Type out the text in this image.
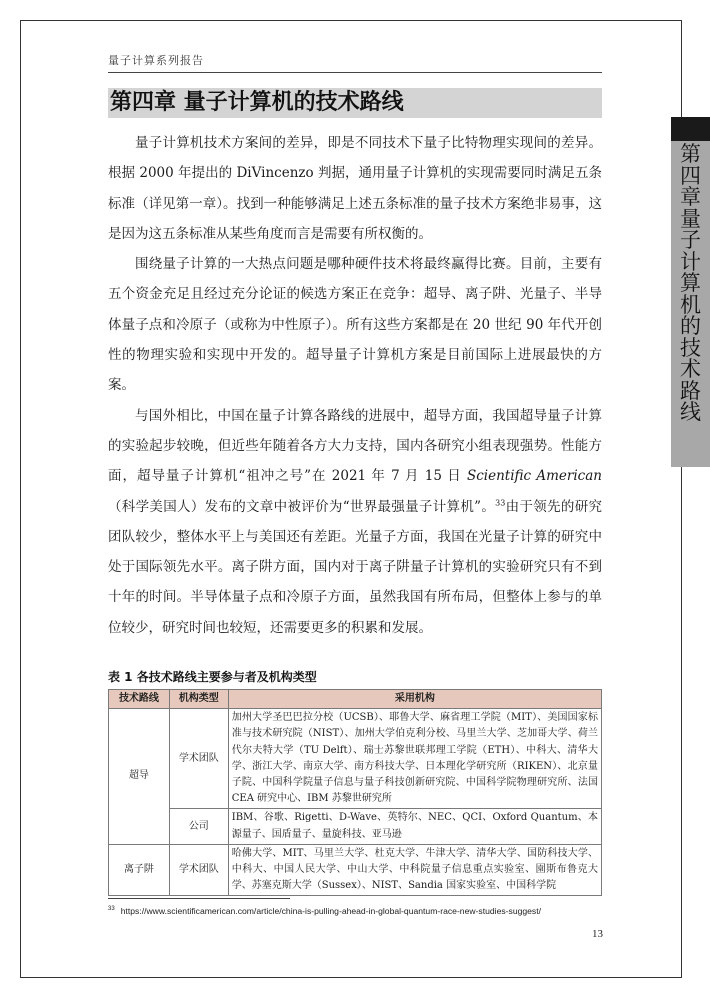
量子计算系列报告
第四章 量子计算机的技术路线
第四章 量子计算机的技术路线

量子计算机技术方案间的差异，即是不同技术下量子比特物理实现间的差异。根据 2000 年提出的 DiVincenzo 判据，通用量子计算机的实现需要同时满足五条标准（详见第一章）。找到一种能够满足上述五条标准的量子技术方案绝非易事，这是因为这五条标准从某些角度而言是需要有所权衡的。

围绕量子计算的一大热点问题是哪种硬件技术将最终赢得比赛。目前，主要有五个资金充足且经过充分论证的候选方案正在竞争：超导、离子阱、光量子、半导体量子点和冷原子（或称为中性原子）。所有这些方案都是在 20 世纪 90 年代开创性的物理实验和实现中开发的。超导量子计算机方案是目前国际上进展最快的方案。

与国外相比，中国在量子计算各路线的进展中，超导方面，我国超导量子计算的实验起步较晚，但近些年随着各方大力支持，国内各研究小组表现强势。性能方面，超导量子计算机“祖冲之号”在 2021 年 7 月 15 日 Scientific American（科学美国人）发布的文章中被评价为“世界最强量子计算机”。$^{33}$由于领先的研究团队较少，整体水平上与美国还有差距。光量子方面，我国在光量子计算的研究中处于国际领先水平。离子阱方面，国内对于离子阱量子计算机的实验研究只有不到十年的时间。半导体量子点和冷原子方面，虽然我国有所布局，但整体上参与的单位较少，研究时间也较短，还需要更多的积累和发展。

表 1 各技术路线主要参与者及机构类型
技术路线	机构类型	采用机构
超导	学术团队	加州大学圣巴巴拉分校（UCSB）、耶鲁大学、麻省理工学院（MIT）、美国国家标准与技术研究院（NIST）、加州大学伯克利分校、马里兰大学、芝加哥大学、荷兰代尔夫特大学（TU Delft）、瑞士苏黎世联邦理工学院（ETH）、中科大、清华大学、浙江大学、南京大学、南方科技大学、日本理化学研究所（RIKEN）、北京量子院、中国科学院量子信息与量子科技创新研究院、中国科学院物理研究所、法国 CEA 研究中心、IBM 苏黎世研究所
	公司	IBM、谷歌、Rigetti、D-Wave、英特尔、NEC、QCI、Oxford Quantum、本源量子、国盾量子、量旋科技、亚马逊
离子阱	学术团队	哈佛大学、MIT、马里兰大学、杜克大学、牛津大学、清华大学、国防科技大学、中科大、中国人民大学、中山大学、中科院量子信息重点实验室、園斯布鲁克大学、苏塞克斯大学（Sussex）、NIST、Sandia 国家实验室、中国科学院
$^{33}$ https://www.scientificamerican.com/article/china-is-pulling-ahead-in-global-quantum-race-new-studies-suggest/
13
